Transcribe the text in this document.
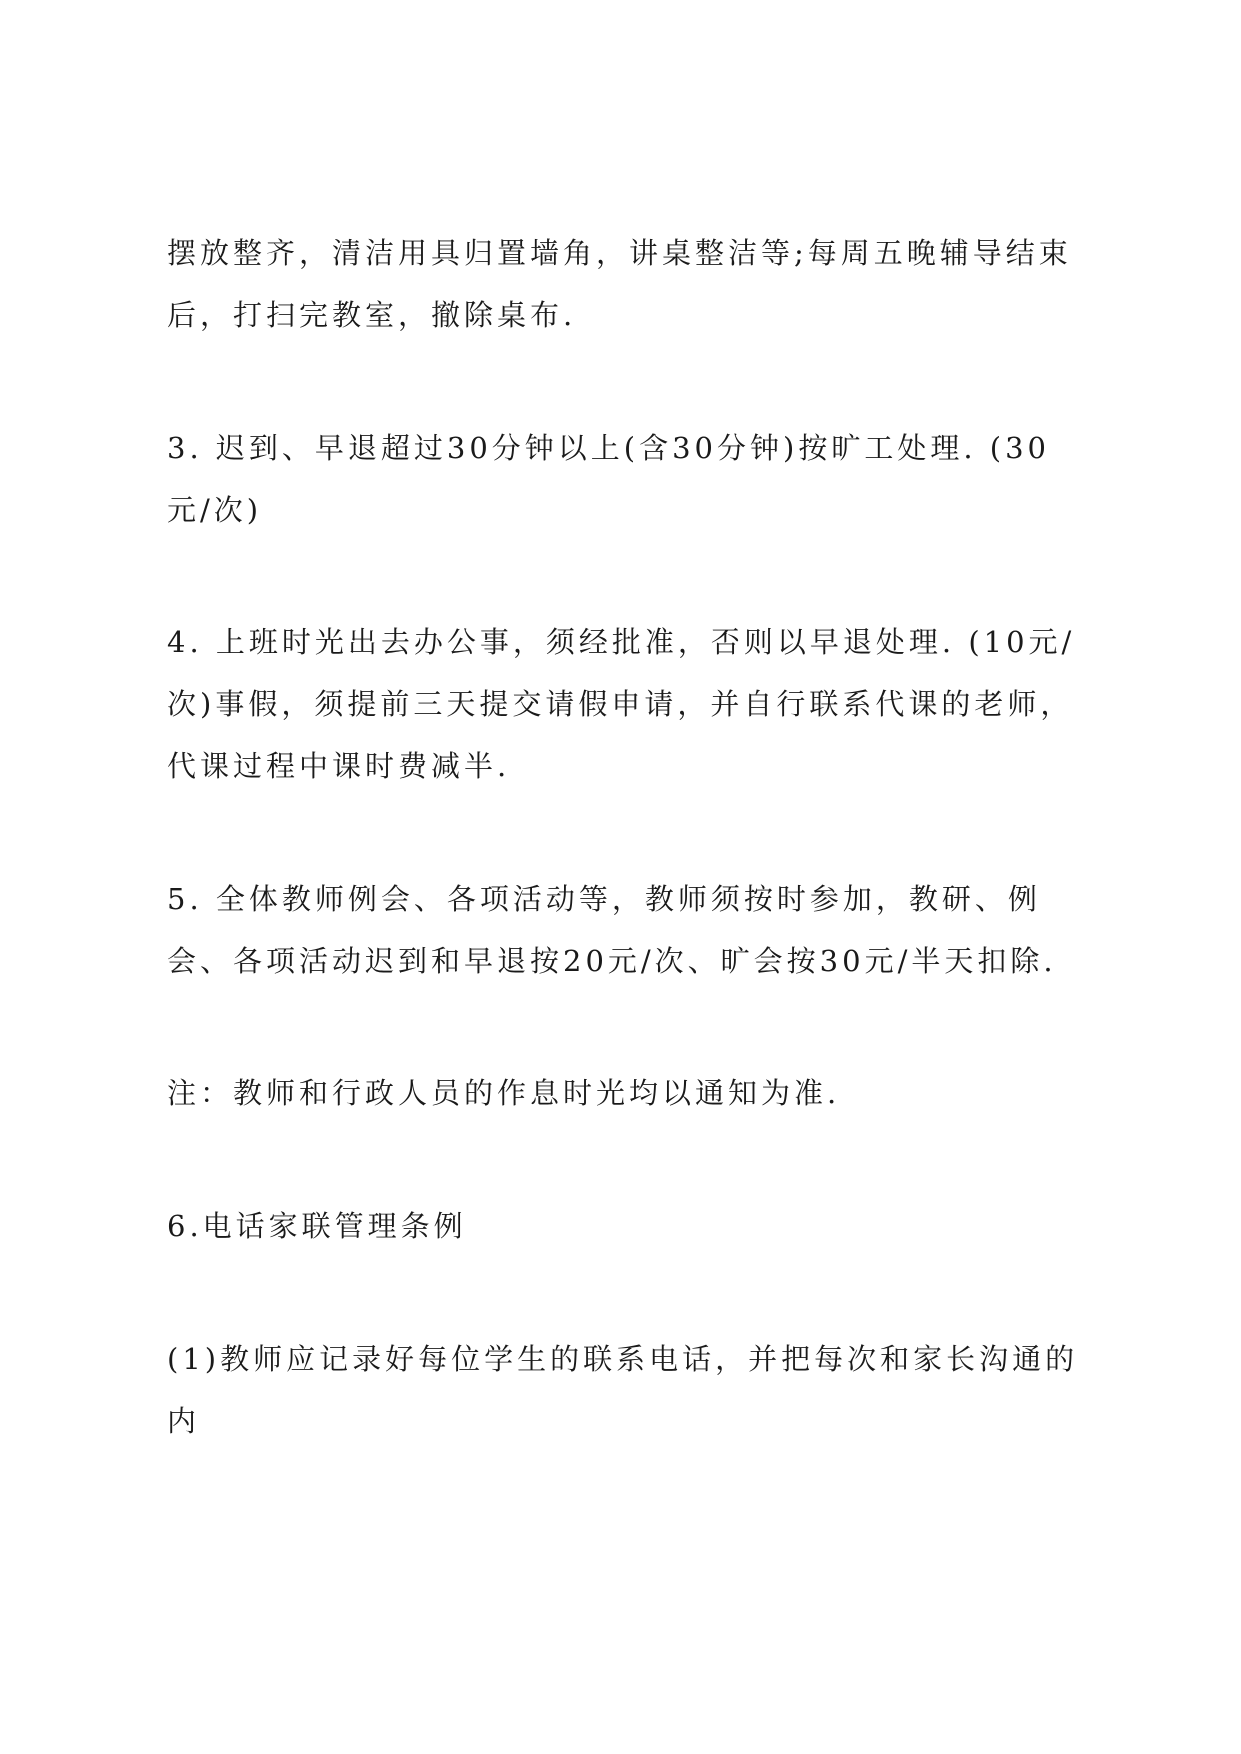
摆放整齐，清洁用具归置墙角，讲桌整洁等;每周五晚辅导结束
后，打扫完教室，撤除桌布.
3. 迟到、早退超过30分钟以上(含30分钟)按旷工处理. (30
元/次)
4. 上班时光出去办公事，须经批准，否则以早退处理. (10元/
次)事假，须提前三天提交请假申请，并自行联系代课的老师，
代课过程中课时费减半.
5. 全体教师例会、各项活动等，教师须按时参加，教研、例
会、各项活动迟到和早退按20元/次、旷会按30元/半天扣除.
注：教师和行政人员的作息时光均以通知为准.
6.电话家联管理条例
(1)教师应记录好每位学生的联系电话，并把每次和家长沟通的
内
